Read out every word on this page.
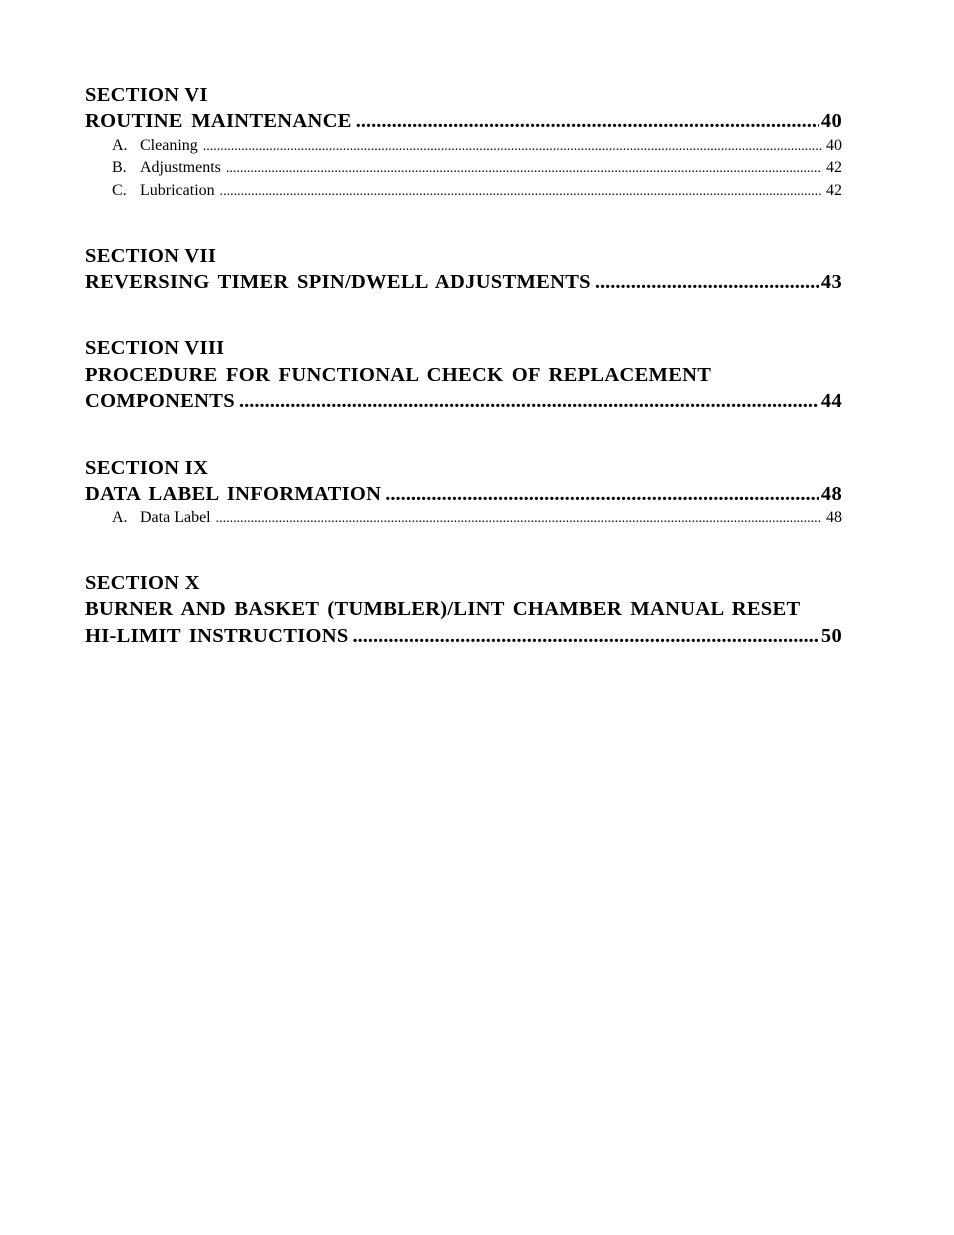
SECTION VI
ROUTINE MAINTENANCE .....	40
A. Cleaning .....	40
B. Adjustments .....	42
C. Lubrication .....	42
SECTION VII
REVERSING TIMER SPIN/DWELL ADJUSTMENTS .....	43
SECTION VIII
PROCEDURE FOR FUNCTIONAL CHECK OF REPLACEMENT
COMPONENTS .....	44
SECTION IX
DATA LABEL INFORMATION .....	48
A. Data Label .....	48
SECTION X
BURNER AND BASKET (TUMBLER)/LINT CHAMBER MANUAL RESET
HI-LIMIT INSTRUCTIONS .....	50
